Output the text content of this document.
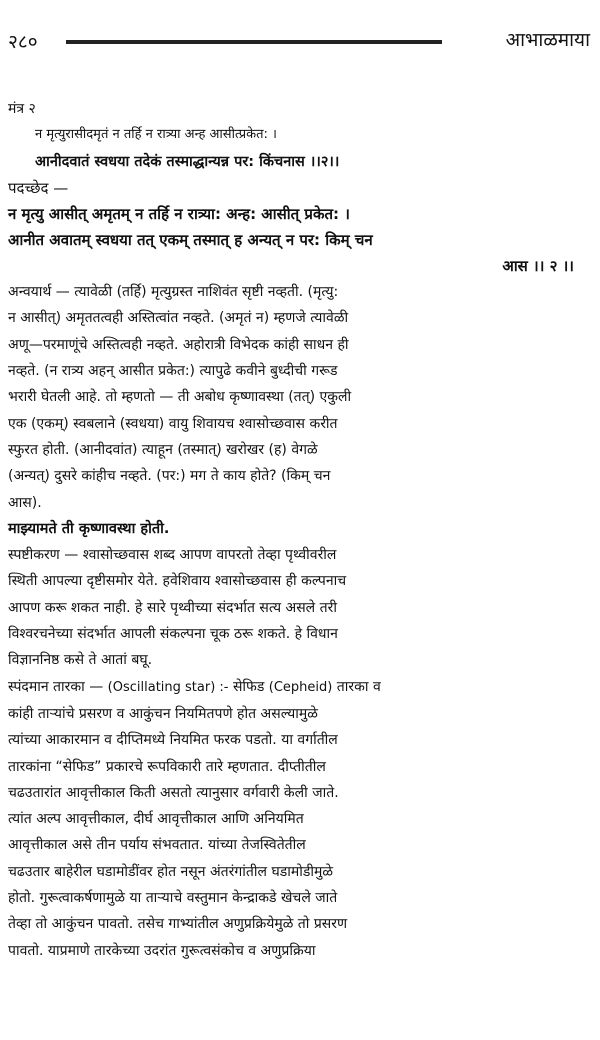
२८०	आभाळमाया

मंत्र २

न मृत्युरासीदमृतं न तर्हि न रात्र्या अन्ह आसीत्प्रकेत: ।

आनीदवातं स्वधया तदेकं तस्माद्धान्यन्न पर: किंचनास ।।२।।

पदच्छेद —

न मृत्यु आसीत् अमृतम् न तर्हि न रात्र्या: अन्ह: आसीत् प्रकेत: ।

आनीत अवातम् स्वधया तत् एकम् तस्मात् ह अन्यत् न पर: किम् चन

आस ।। २ ।।

अन्वयार्थ — त्यावेळी (तर्हि) मृत्युग्रस्त नाशिवंत सृष्टी नव्हती. (मृत्यु:

न आसीत्) अमृततत्वही अस्तित्वांत नव्हते. (अमृतं न) म्हणजे त्यावेळी

अणू—परमाणूंचे अस्तित्वही नव्हते. अहोरात्री विभेदक कांही साधन ही

नव्हते. (न रात्र्य अहन् आसीत प्रकेत:) त्यापुढे कवीने बुध्दीची गरूड

भरारी घेतली आहे. तो म्हणतो — ती अबोध कृष्णावस्था (तत्) एकुली

एक (एकम्) स्वबलाने (स्वधया) वायु शिवायच श्वासोच्छवास करीत

स्फुरत होती. (आनीदवांत) त्याहून (तस्मात्) खरोखर (ह) वेगळे

(अन्यत्) दुसरे कांहीच नव्हते. (पर:) मग ते काय होते? (किम् चन

आस).

माझ्यामते ती कृष्णावस्था होती.

स्पष्टीकरण — श्वासोच्छवास शब्द आपण वापरतो तेव्हा पृथ्वीवरील

स्थिती आपल्या दृष्टीसमोर येते. हवेशिवाय श्वासोच्छवास ही कल्पनाच

आपण करू शकत नाही. हे सारे पृथ्वीच्या संदर्भात सत्य असले तरी

विश्वरचनेच्या संदर्भात आपली संकल्पना चूक ठरू शकते. हे विधान

विज्ञाननिष्ठ कसे ते आतां बघू.

स्पंदमान तारका — (Oscillating star) :- सेफिड (Cepheid) तारका व

कांही ताऱ्यांचे प्रसरण व आकुंचन नियमितपणे होत असल्यामुळे

त्यांच्या आकारमान व दीप्तिमध्ये नियमित फरक पडतो. या वर्गातील

तारकांना “सेफिड” प्रकारचे रूपविकारी तारे म्हणतात. दीप्तीतील

चढउतारांत आवृत्तीकाल किती असतो त्यानुसार वर्गवारी केली जाते.

त्यांत अल्प आवृत्तीकाल, दीर्घ आवृत्तीकाल आणि अनियमित

आवृत्तीकाल असे तीन पर्याय संभवतात. यांच्या तेजस्वितेतील

चढउतार बाहेरील घडामोडींवर होत नसून अंतरंगांतील घडामोडीमुळे

होतो. गुरूत्वाकर्षणामुळे या ताऱ्याचे वस्तुमान केन्द्राकडे खेचले जाते

तेव्हा तो आकुंचन पावतो. तसेच गाभ्यांतील अणुप्रक्रियेमुळे तो प्रसरण

पावतो. याप्रमाणे तारकेच्या उदरांत गुरूत्वसंकोच व अणुप्रक्रिया
